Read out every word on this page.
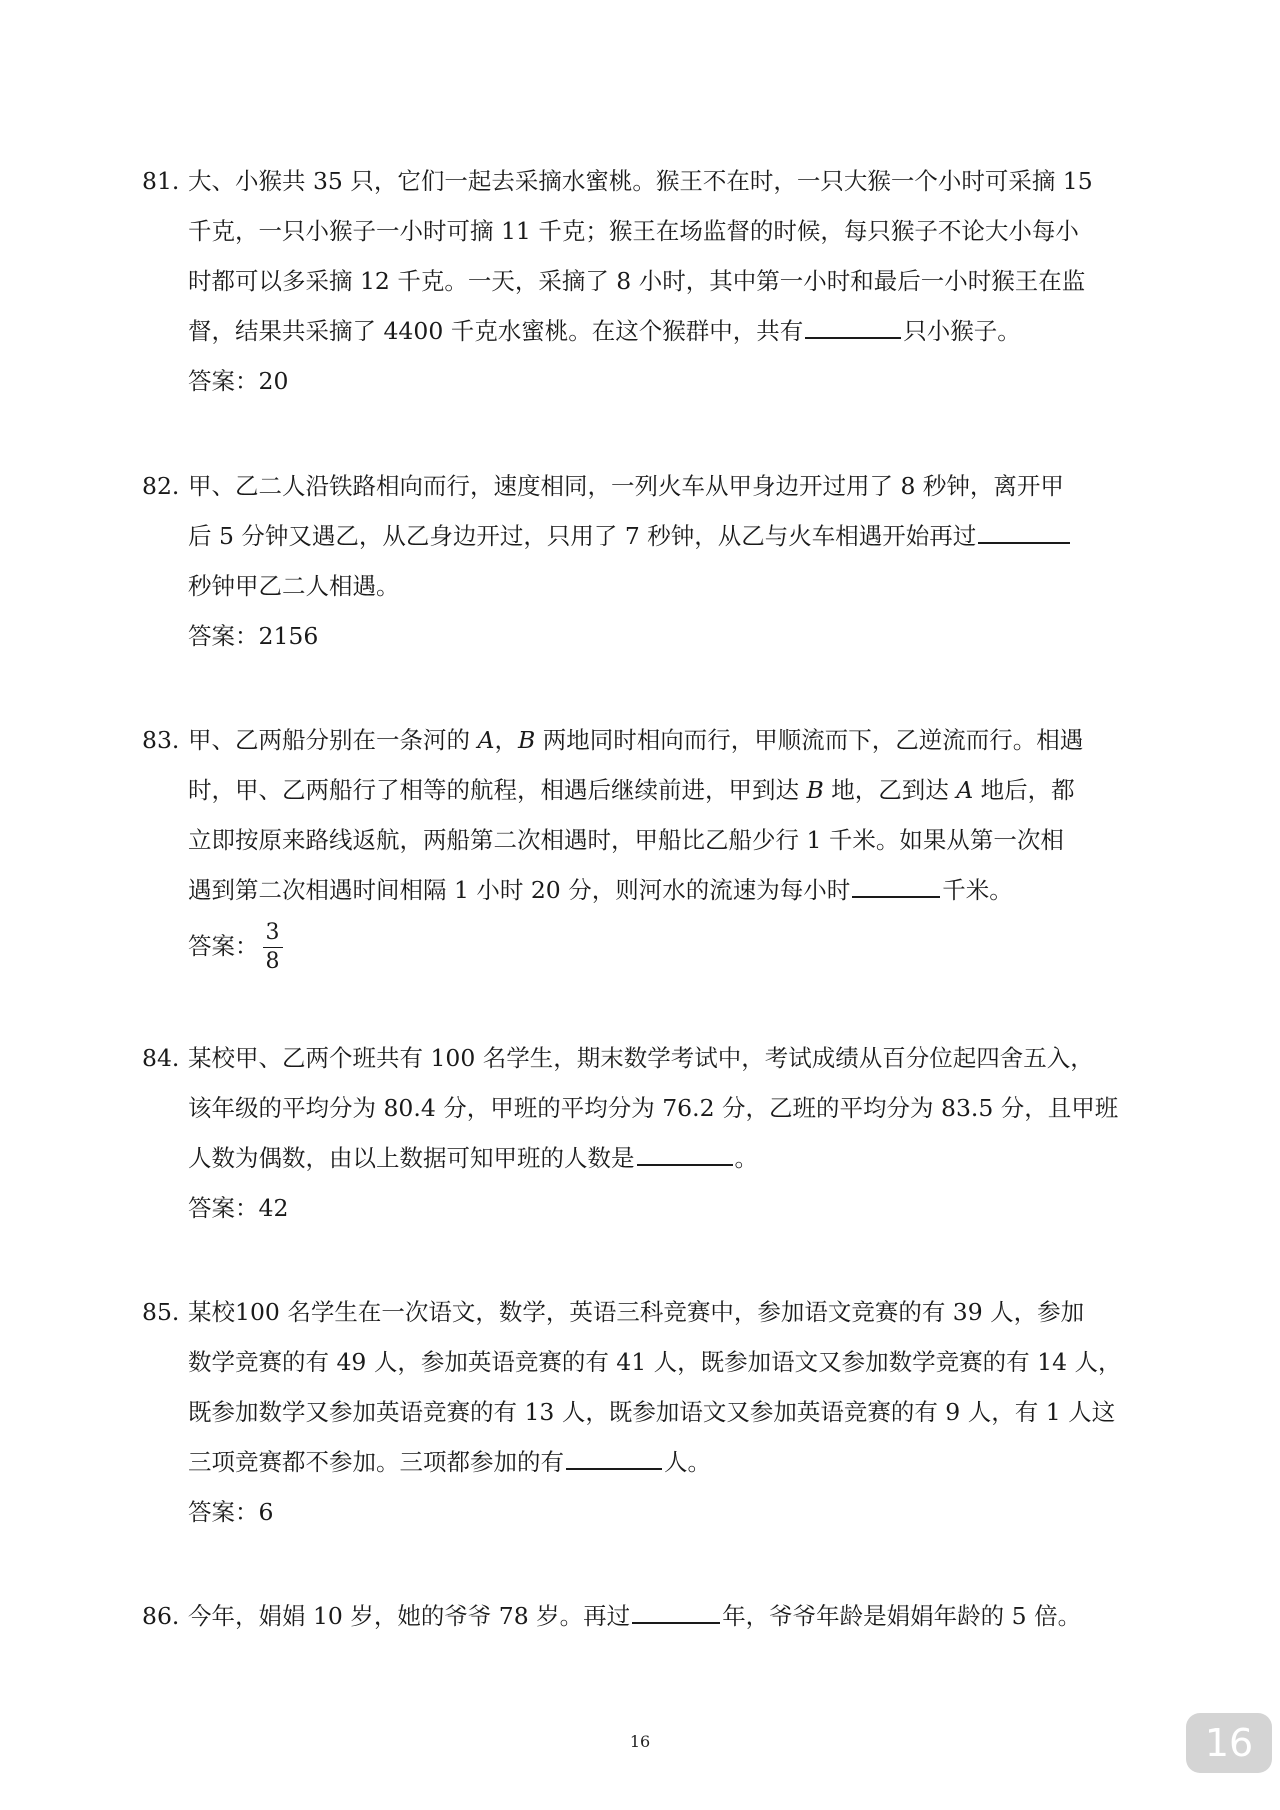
81. 大、小猴共 35 只，它们一起去采摘水蜜桃。猴王不在时，一只大猴一个小时可采摘 15
千克，一只小猴子一小时可摘 11 千克；猴王在场监督的时候，每只猴子不论大小每小
时都可以多采摘 12 千克。一天，采摘了 8 小时，其中第一小时和最后一小时猴王在监
督，结果共采摘了 4400 千克水蜜桃。在这个猴群中，共有	只小猴子。
答案：20
82. 甲、乙二人沿铁路相向而行，速度相同，一列火车从甲身边开过用了 8 秒钟，离开甲
后 5 分钟又遇乙，从乙身边开过，只用了 7 秒钟，从乙与火车相遇开始再过
秒钟甲乙二人相遇。
答案：2156
83. 甲、乙两船分别在一条河的 A，B 两地同时相向而行，甲顺流而下，乙逆流而行。相遇
时，甲、乙两船行了相等的航程，相遇后继续前进，甲到达 B 地，乙到达 A 地后，都
立即按原来路线返航，两船第二次相遇时，甲船比乙船少行 1 千米。如果从第一次相
遇到第二次相遇时间相隔 1 小时 20 分，则河水的流速为每小时	千米。
答案： $\frac{3}{8}$
84. 某校甲、乙两个班共有 100 名学生，期末数学考试中，考试成绩从百分位起四舍五入，
该年级的平均分为 80.4 分，甲班的平均分为 76.2 分，乙班的平均分为 83.5 分，且甲班
人数为偶数，由以上数据可知甲班的人数是	。
答案：42
85. 某校100 名学生在一次语文，数学，英语三科竞赛中，参加语文竞赛的有 39 人，参加
数学竞赛的有 49 人，参加英语竞赛的有 41 人，既参加语文又参加数学竞赛的有 14 人，
既参加数学又参加英语竞赛的有 13 人，既参加语文又参加英语竞赛的有 9 人，有 1 人这
三项竞赛都不参加。三项都参加的有	人。
答案：6
86. 今年，娟娟 10 岁，她的爷爷 78 岁。再过	年，爷爷年龄是娟娟年龄的 5 倍。
16	16
